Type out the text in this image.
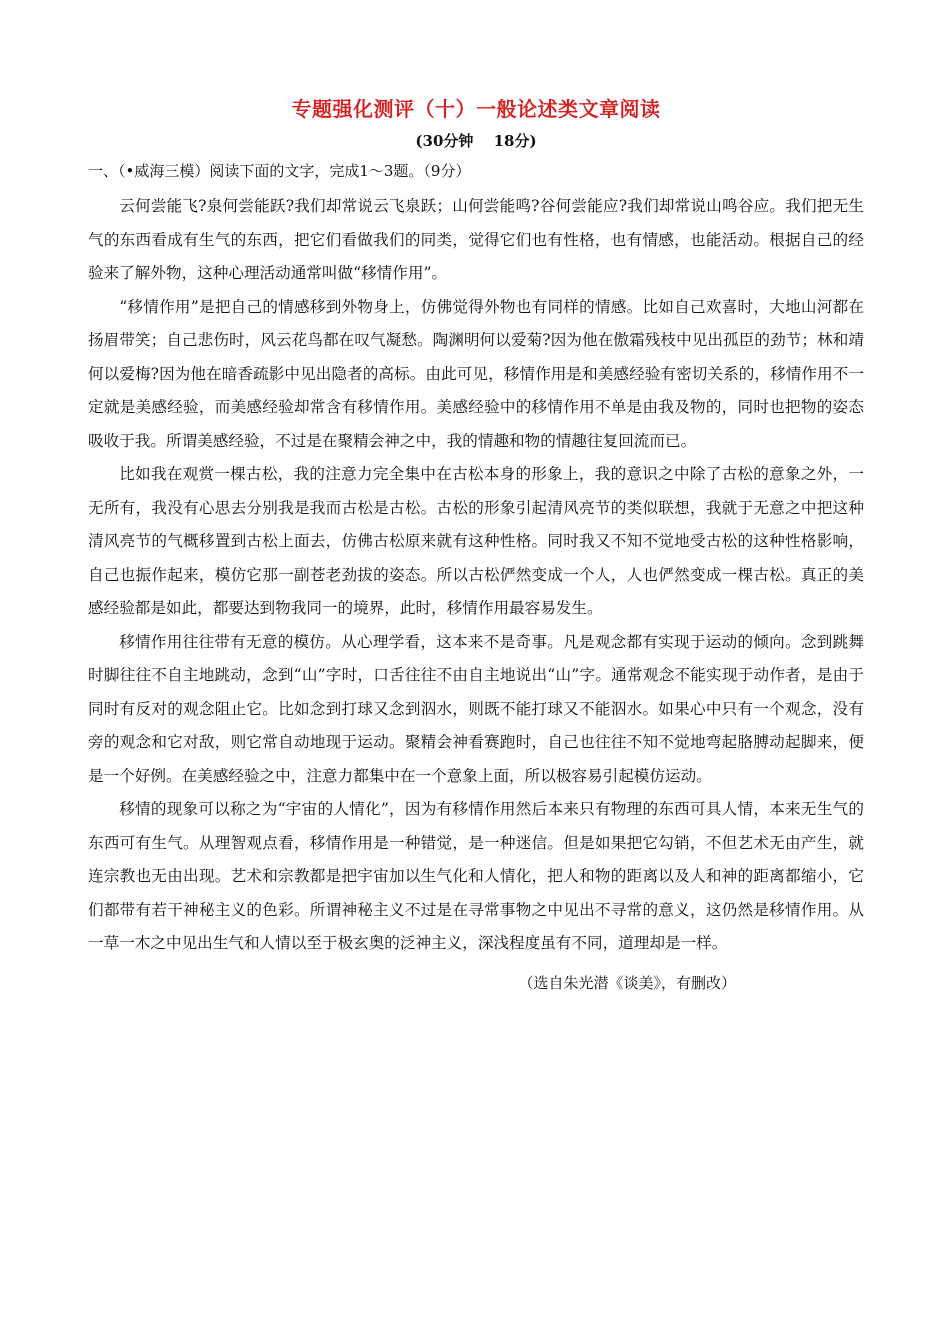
专题强化测评（十）一般论述类文章阅读
(30分钟　 18分)
一、（•威海三模）阅读下面的文字，完成1～3题。（9分）

云何尝能飞?泉何尝能跃?我们却常说云飞泉跃；山何尝能鸣?谷何尝能应?我们却常说山鸣谷应。我们把无生气的东西看成有生气的东西，把它们看做我们的同类，觉得它们也有性格，也有情感，也能活动。根据自己的经验来了解外物，这种心理活动通常叫做“移情作用”。

“移情作用”是把自己的情感移到外物身上，仿佛觉得外物也有同样的情感。比如自己欢喜时，大地山河都在扬眉带笑；自己悲伤时，风云花鸟都在叹气凝愁。陶渊明何以爱菊?因为他在傲霜残枝中见出孤臣的劲节；林和靖何以爱梅?因为他在暗香疏影中见出隐者的高标。由此可见，移情作用是和美感经验有密切关系的，移情作用不一定就是美感经验，而美感经验却常含有移情作用。美感经验中的移情作用不单是由我及物的，同时也把物的姿态吸收于我。所谓美感经验，不过是在聚精会神之中，我的情趣和物的情趣往复回流而已。

比如我在观赏一棵古松，我的注意力完全集中在古松本身的形象上，我的意识之中除了古松的意象之外，一无所有，我没有心思去分别我是我而古松是古松。古松的形象引起清风亮节的类似联想，我就于无意之中把这种清风亮节的气概移置到古松上面去，仿佛古松原来就有这种性格。同时我又不知不觉地受古松的这种性格影响，自己也振作起来，模仿它那一副苍老劲拔的姿态。所以古松俨然变成一个人，人也俨然变成一棵古松。真正的美感经验都是如此，都要达到物我同一的境界，此时，移情作用最容易发生。

移情作用往往带有无意的模仿。从心理学看，这本来不是奇事。凡是观念都有实现于运动的倾向。念到跳舞时脚往往不自主地跳动，念到“山”字时，口舌往往不由自主地说出“山”字。通常观念不能实现于动作者，是由于同时有反对的观念阻止它。比如念到打球又念到泅水，则既不能打球又不能泅水。如果心中只有一个观念，没有旁的观念和它对敌，则它常自动地现于运动。聚精会神看赛跑时，自己也往往不知不觉地弯起胳膊动起脚来，便是一个好例。在美感经验之中，注意力都集中在一个意象上面，所以极容易引起模仿运动。

移情的现象可以称之为“宇宙的人情化”，因为有移情作用然后本来只有物理的东西可具人情，本来无生气的东西可有生气。从理智观点看，移情作用是一种错觉，是一种迷信。但是如果把它勾销，不但艺术无由产生，就连宗教也无由出现。艺术和宗教都是把宇宙加以生气化和人情化，把人和物的距离以及人和神的距离都缩小，它们都带有若干神秘主义的色彩。所谓神秘主义不过是在寻常事物之中见出不寻常的意义，这仍然是移情作用。从一草一木之中见出生气和人情以至于极玄奥的泛神主义，深浅程度虽有不同，道理却是一样。

（选自朱光潜《谈美》，有删改）
